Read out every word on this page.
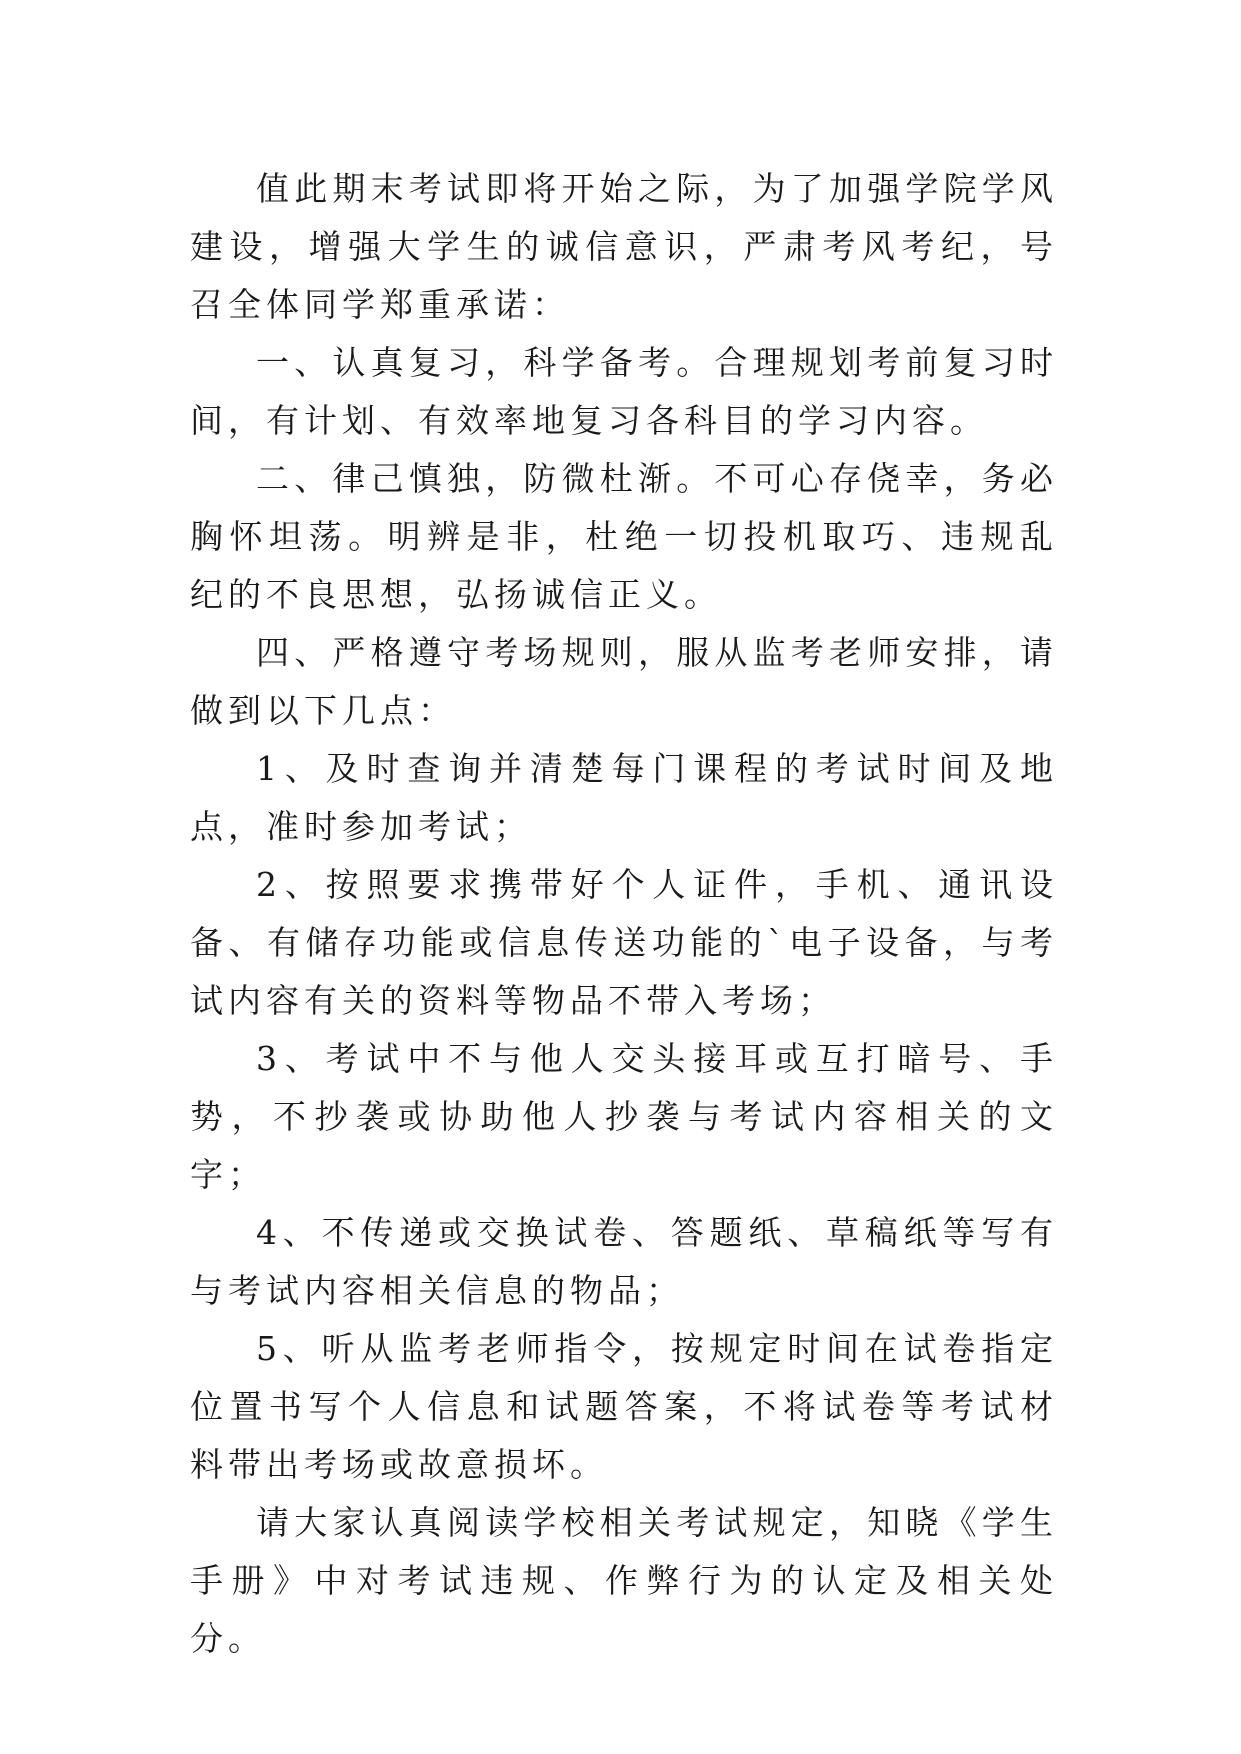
值此期末考试即将开始之际，为了加强学院学风建设，增强大学生的诚信意识，严肃考风考纪，号召全体同学郑重承诺：

一、认真复习，科学备考。合理规划考前复习时间，有计划、有效率地复习各科目的学习内容。

二、律己慎独，防微杜渐。不可心存侥幸，务必胸怀坦荡。明辨是非，杜绝一切投机取巧、违规乱纪的不良思想，弘扬诚信正义。

四、严格遵守考场规则，服从监考老师安排，请做到以下几点：

1、及时查询并清楚每门课程的考试时间及地点，准时参加考试；

2、按照要求携带好个人证件，手机、通讯设备、有储存功能或信息传送功能的`电子设备，与考试内容有关的资料等物品不带入考场；

3、考试中不与他人交头接耳或互打暗号、手势，不抄袭或协助他人抄袭与考试内容相关的文字；

4、不传递或交换试卷、答题纸、草稿纸等写有与考试内容相关信息的物品；

5、听从监考老师指令，按规定时间在试卷指定位置书写个人信息和试题答案，不将试卷等考试材料带出考场或故意损坏。

请大家认真阅读学校相关考试规定，知晓《学生手册》中对考试违规、作弊行为的认定及相关处分。
